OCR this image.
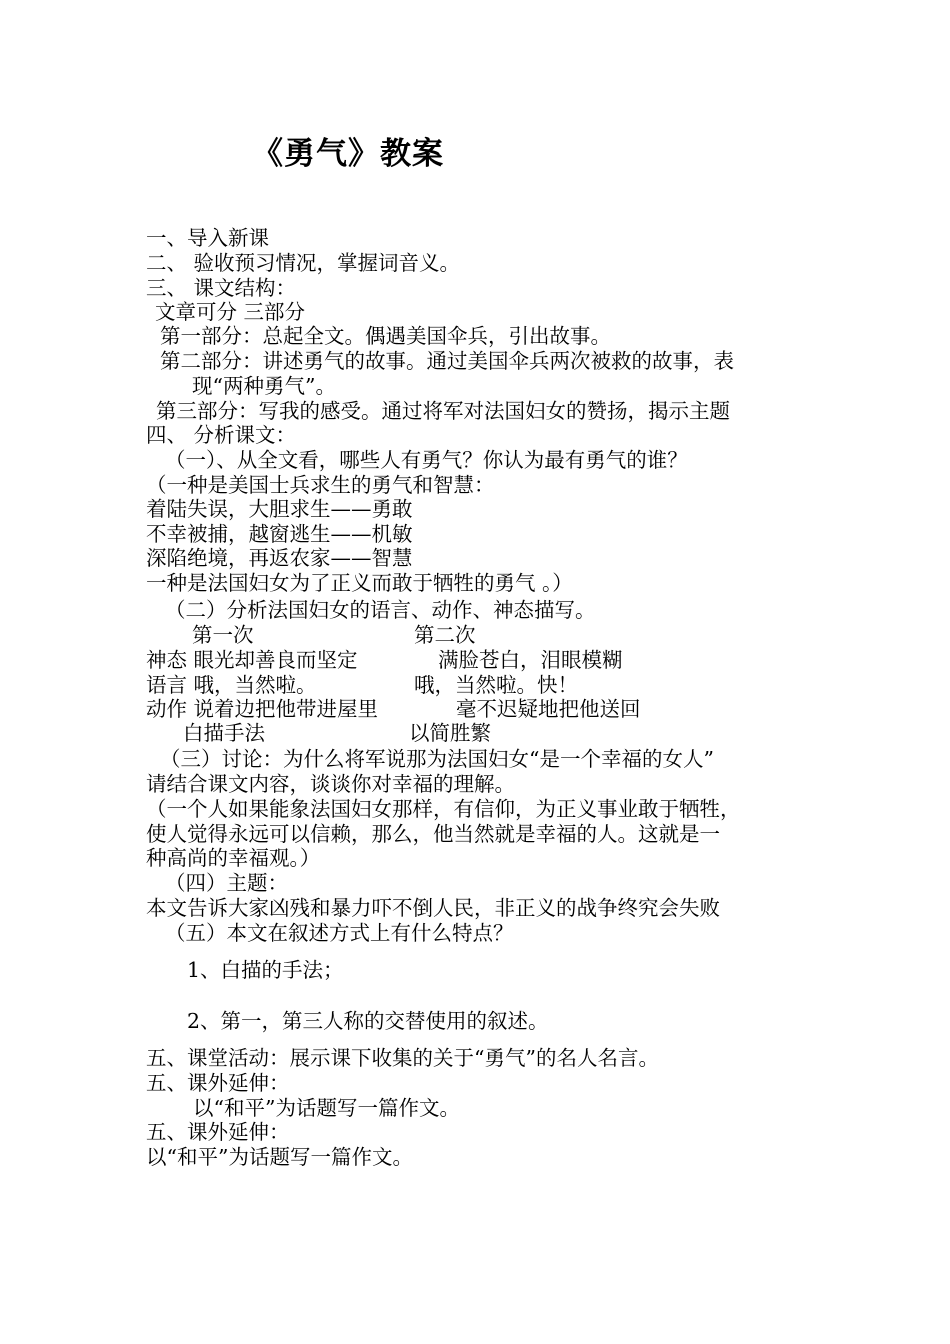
《勇气》教案
一、导入新课
二、 验收预习情况，掌握词音义。
三、 课文结构：
文章可分 三部分
第一部分：总起全文。偶遇美国伞兵，引出故事。
第二部分：讲述勇气的故事。通过美国伞兵两次被救的故事，表
现“两种勇气”。
第三部分：写我的感受。通过将军对法国妇女的赞扬，揭示主题
四、 分析课文：
（一）、从全文看，哪些人有勇气？你认为最有勇气的谁？
（一种是美国士兵求生的勇气和智慧：
着陆失误，大胆求生——勇敢
不幸被捕，越窗逃生——机敏
深陷绝境，再返农家——智慧
一种是法国妇女为了正义而敢于牺牲的勇气 。）
（二）分析法国妇女的语言、动作、神态描写。
第一次	第二次
神态 眼光却善良而坚定	满脸苍白，泪眼模糊
语言 哦，当然啦。	哦，当然啦。快！
动作 说着边把他带进屋里	毫不迟疑地把他送回
白描手法	以简胜繁
（三）讨论：为什么将军说那为法国妇女“是一个幸福的女人”
请结合课文内容，谈谈你对幸福的理解。
（一个人如果能象法国妇女那样，有信仰，为正义事业敢于牺牲，
使人觉得永远可以信赖，那么，他当然就是幸福的人。这就是一
种高尚的幸福观。）
（四）主题：
本文告诉大家凶残和暴力吓不倒人民，非正义的战争终究会失败
（五）本文在叙述方式上有什么特点？
1、白描的手法；
2、第一，第三人称的交替使用的叙述。
五、课堂活动：展示课下收集的关于“勇气”的名人名言。
五、课外延伸：
以“和平”为话题写一篇作文。
五、课外延伸：
以“和平”为话题写一篇作文。
